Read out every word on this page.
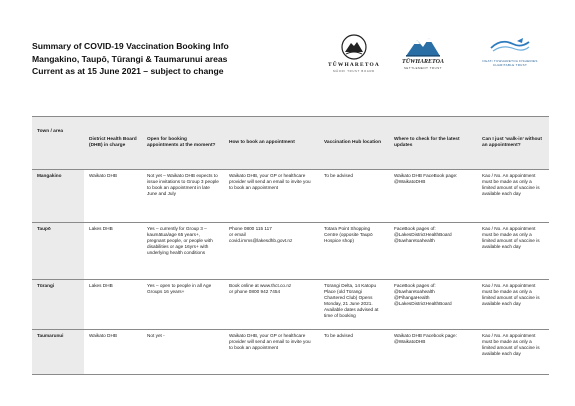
Summary of COVID-19 Vaccination Booking Info
Mangakino, Taupō, Tūrangi & Taumarunui areas
Current as at 15 June 2021 – subject to change
TŪWHARETOA
MĀORI TRUST BOARD
TŪWHARETOA
SETTLEMENT TRUST
NGATI TUWHARETOA FISHERIES CHARITABLE TRUST
Town / area	District Health Board (DHB) in charge	Open for booking appointments at the moment?	How to book an appointment	Vaccination Hub location	Where to check for the latest updates	Can I just ‘walk-in’ without an appointment?
Mangakino	Waikato DHB	Not yet – Waikato DHB expects to issue invitations to Group 3 people to book an appointment in late June and July	Waikato DHB, your GP or healthcare provider will send an email to invite you to book an appointment	To be advised	Waikato DHB FaceBook page: @WaikatoDHB	Kao / No. An appointment must be made as only a limited amount of vaccine is available each day
Taupō	Lakes DHB	Yes – currently for Group 3 – kaumātua/age 65 years+, pregnant people, or people with disabilities or age 16yrs+ with underlying health conditions	Phone 0800 115 117
or email
covid.imms@lakesdhb.govt.nz	Totara Point Shopping Centre (opposite Taupō Hospice shop)	FaceBook pages of:
@LakesDistrictHealthBoard
@tuwharetoahealth	Kao / No. An appointment must be made as only a limited amount of vaccine is available each day
Tūrangi	Lakes DHB	Yes – open to people in all Age Groups 16 years+	Book online at www.thct.co.nz
or phone 0800 942 7454	Tūrangi Delta, 14 Katopu Place (old Tūrangi Chartered Club) Opens Monday, 21 June 2021. Available dates advised at time of booking	FaceBook pages of:
@tuwharetoahealth
@PihangaHealth
@LakesDistrictHealthBoard	Kao / No. An appointment must be made as only a limited amount of vaccine is available each day
Taumarunui	Waikato DHB	Not yet -	Waikato DHB, your GP or healthcare provider will send an email to invite you to book an appointment	To be advised	Waikato DHB Facebook page: @WaikatoDHB	Kao / No. An appointment must be made as only a limited amount of vaccine is available each day
